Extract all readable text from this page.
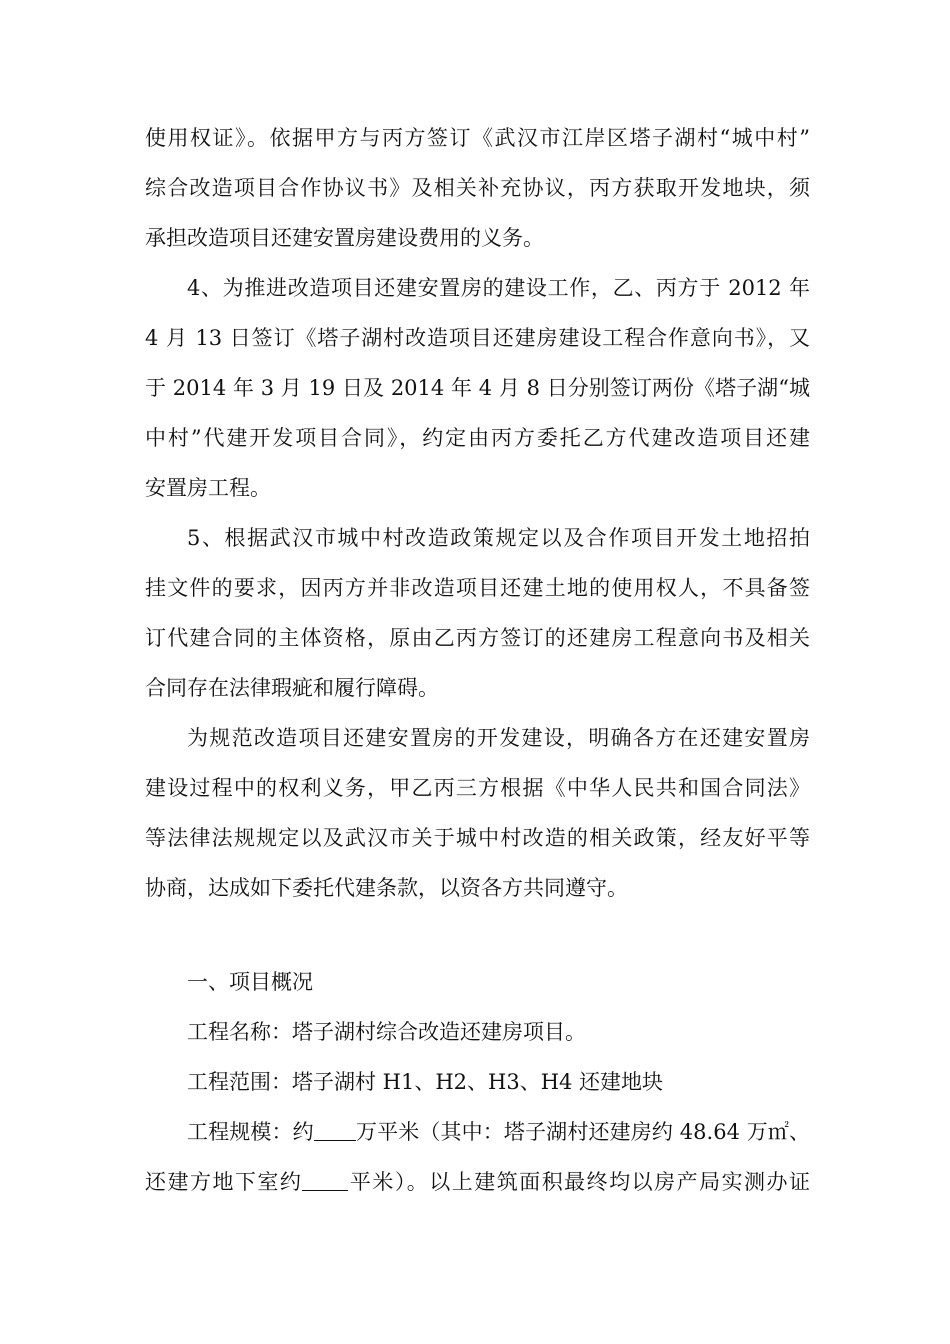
使用权证》。依据甲方与丙方签订《武汉市江岸区塔子湖村“城中村”
综合改造项目合作协议书》及相关补充协议，丙方获取开发地块，须
承担改造项目还建安置房建设费用的义务。
4、为推进改造项目还建安置房的建设工作，乙、丙方于 2012 年
4 月 13 日签订《塔子湖村改造项目还建房建设工程合作意向书》，又
于 2014 年 3 月 19 日及 2014 年 4 月 8 日分别签订两份《塔子湖“城
中村”代建开发项目合同》，约定由丙方委托乙方代建改造项目还建
安置房工程。
5、根据武汉市城中村改造政策规定以及合作项目开发土地招拍
挂文件的要求，因丙方并非改造项目还建土地的使用权人，不具备签
订代建合同的主体资格，原由乙丙方签订的还建房工程意向书及相关
合同存在法律瑕疵和履行障碍。
为规范改造项目还建安置房的开发建设，明确各方在还建安置房
建设过程中的权利义务，甲乙丙三方根据《中华人民共和国合同法》
等法律法规规定以及武汉市关于城中村改造的相关政策，经友好平等
协商，达成如下委托代建条款，以资各方共同遵守。
一、项目概况
工程名称：塔子湖村综合改造还建房项目。
工程范围：塔子湖村 H1、H2、H3、H4 还建地块
工程规模：约 万平米（其中：塔子湖村还建房约 48.64 万㎡、
还建方地下室约 平米）。以上建筑面积最终均以房产局实测办证
